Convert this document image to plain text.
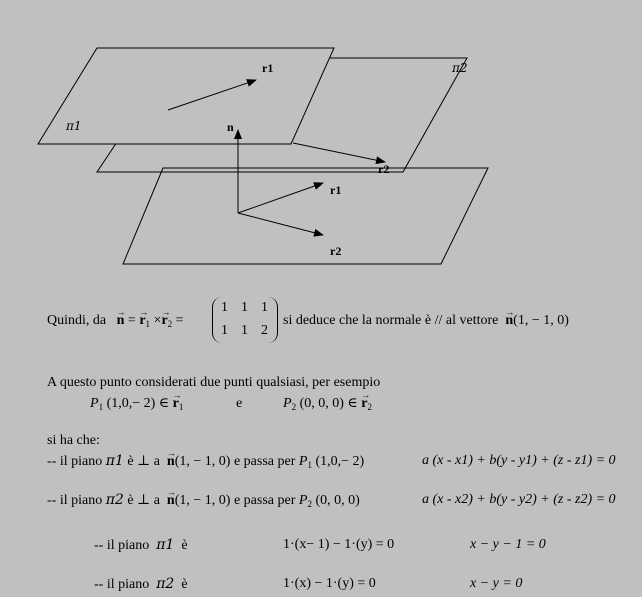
π1
π2
r1
n
r2
r1
r2
Quindi, da → n = → $r_1 \times\to r_2$ =
1 1 1
1 1 2
si deduce che la normale è // al vettore → n(1, − 1, 0)
A questo punto considerati due punti qualsiasi, per esempio
$P_1$ (1,0,− 2) ∈ → $r_1$	e	$P_2$ (0, 0, 0) ∈ → $r_2$
si ha che:
-- il piano π1 è ⊥ a → n(1, − 1, 0) e passa per $P_1$ (1,0,− 2)	a (x - x1) + b(y - y1) + (z - z1) = 0
-- il piano π2 è ⊥ a → n(1, − 1, 0) e passa per $P_2$ (0, 0, 0)	a (x - x2) + b(y - y2) + (z - z2) = 0
-- il piano π1 è	1·(x− 1) − 1·(y) = 0	x − y − 1 = 0
-- il piano π2 è	1·(x) − 1·(y) = 0	x − y = 0
